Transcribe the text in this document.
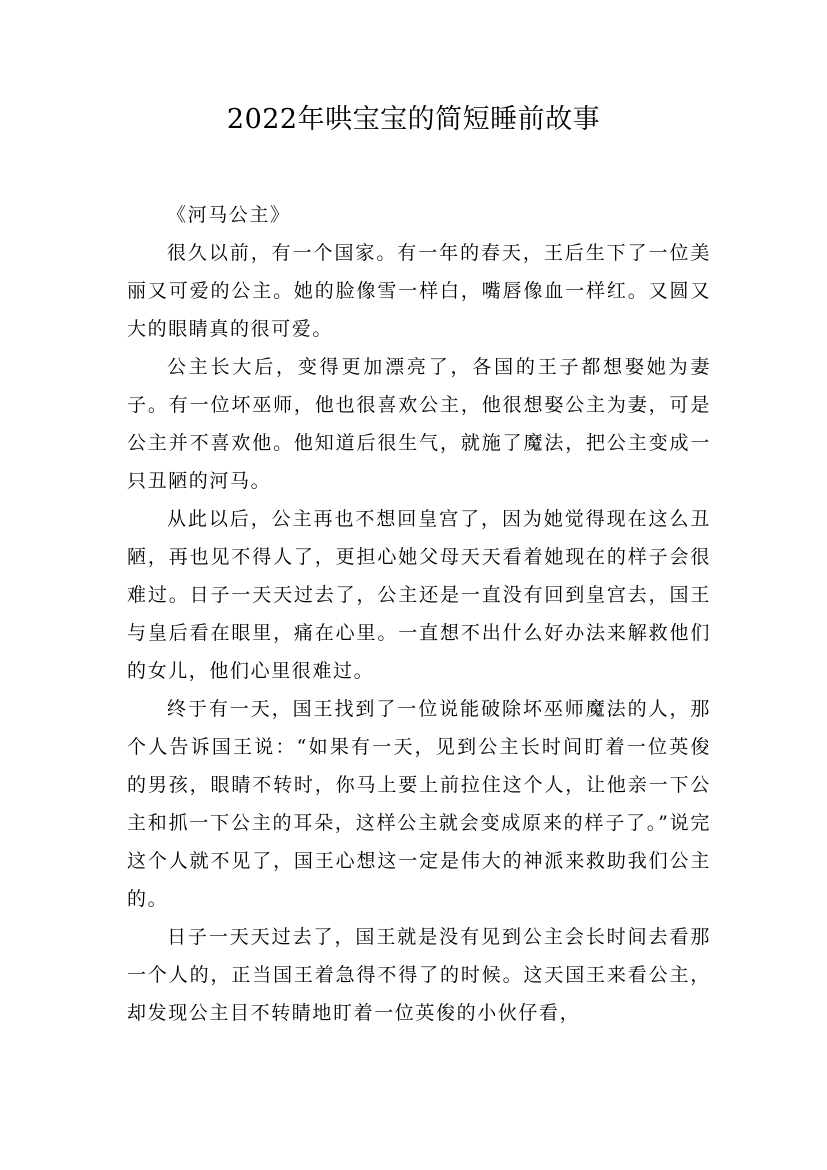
2022年哄宝宝的简短睡前故事

《河马公主》

很久以前，有一个国家。有一年的春天，王后生下了一位美丽又可爱的公主。她的脸像雪一样白，嘴唇像血一样红。又圆又大的眼睛真的很可爱。

公主长大后，变得更加漂亮了，各国的王子都想娶她为妻子。有一位坏巫师，他也很喜欢公主，他很想娶公主为妻，可是公主并不喜欢他。他知道后很生气，就施了魔法，把公主变成一只丑陋的河马。

从此以后，公主再也不想回皇宫了，因为她觉得现在这么丑陋，再也见不得人了，更担心她父母天天看着她现在的样子会很难过。日子一天天过去了，公主还是一直没有回到皇宫去，国王与皇后看在眼里，痛在心里。一直想不出什么好办法来解救他们的女儿，他们心里很难过。

终于有一天，国王找到了一位说能破除坏巫师魔法的人，那个人告诉国王说：“如果有一天，见到公主长时间盯着一位英俊的男孩，眼睛不转时，你马上要上前拉住这个人，让他亲一下公主和抓一下公主的耳朵，这样公主就会变成原来的样子了。”说完这个人就不见了，国王心想这一定是伟大的神派来救助我们公主的。

日子一天天过去了，国王就是没有见到公主会长时间去看那一个人的，正当国王着急得不得了的时候。这天国王来看公主，却发现公主目不转睛地盯着一位英俊的小伙仔看，
